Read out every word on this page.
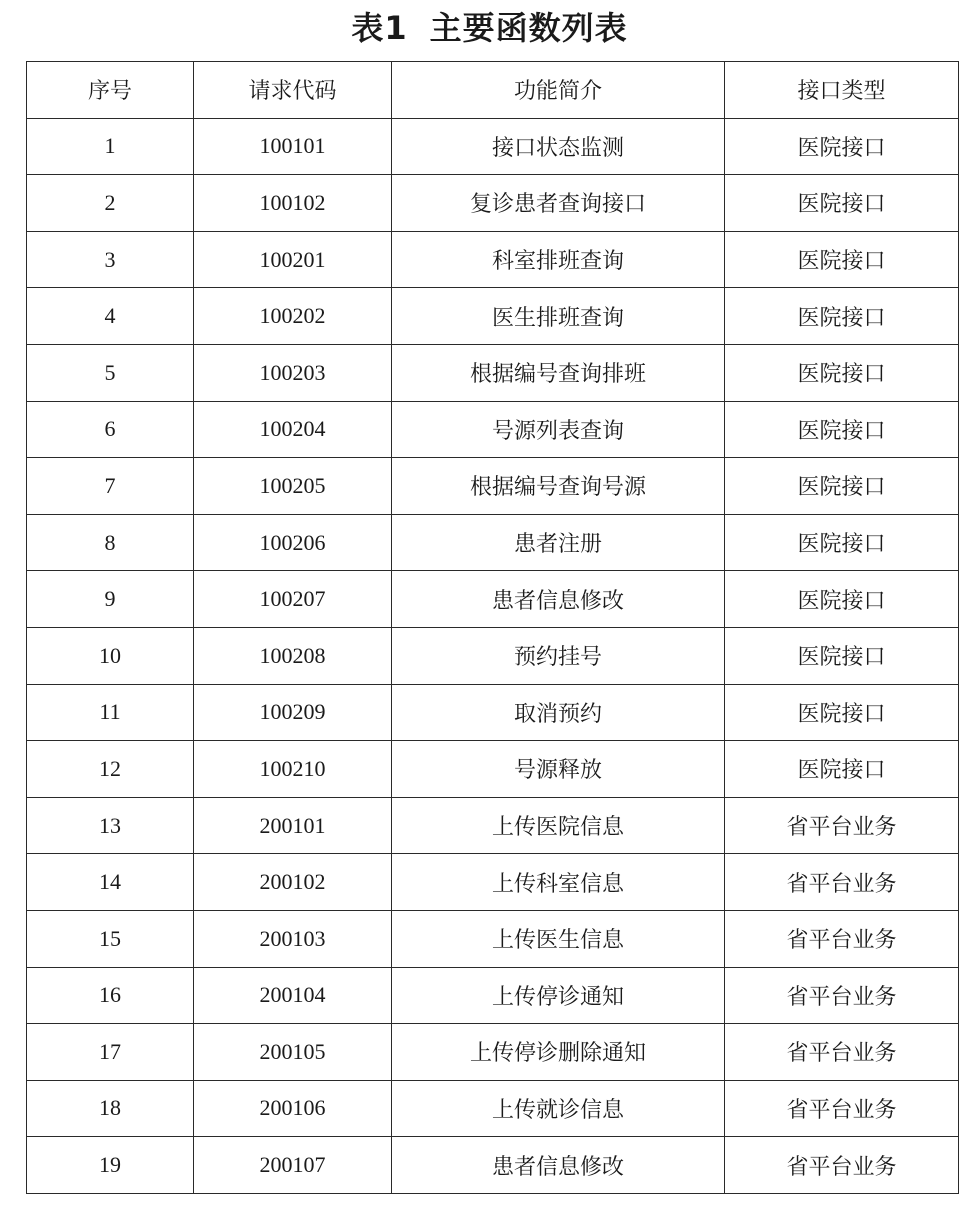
表1 主要函数列表
序号	请求代码	功能简介	接口类型
1	100101	接口状态监测	医院接口
2	100102	复诊患者查询接口	医院接口
3	100201	科室排班查询	医院接口
4	100202	医生排班查询	医院接口
5	100203	根据编号查询排班	医院接口
6	100204	号源列表查询	医院接口
7	100205	根据编号查询号源	医院接口
8	100206	患者注册	医院接口
9	100207	患者信息修改	医院接口
10	100208	预约挂号	医院接口
11	100209	取消预约	医院接口
12	100210	号源释放	医院接口
13	200101	上传医院信息	省平台业务
14	200102	上传科室信息	省平台业务
15	200103	上传医生信息	省平台业务
16	200104	上传停诊通知	省平台业务
17	200105	上传停诊删除通知	省平台业务
18	200106	上传就诊信息	省平台业务
19	200107	患者信息修改	省平台业务
